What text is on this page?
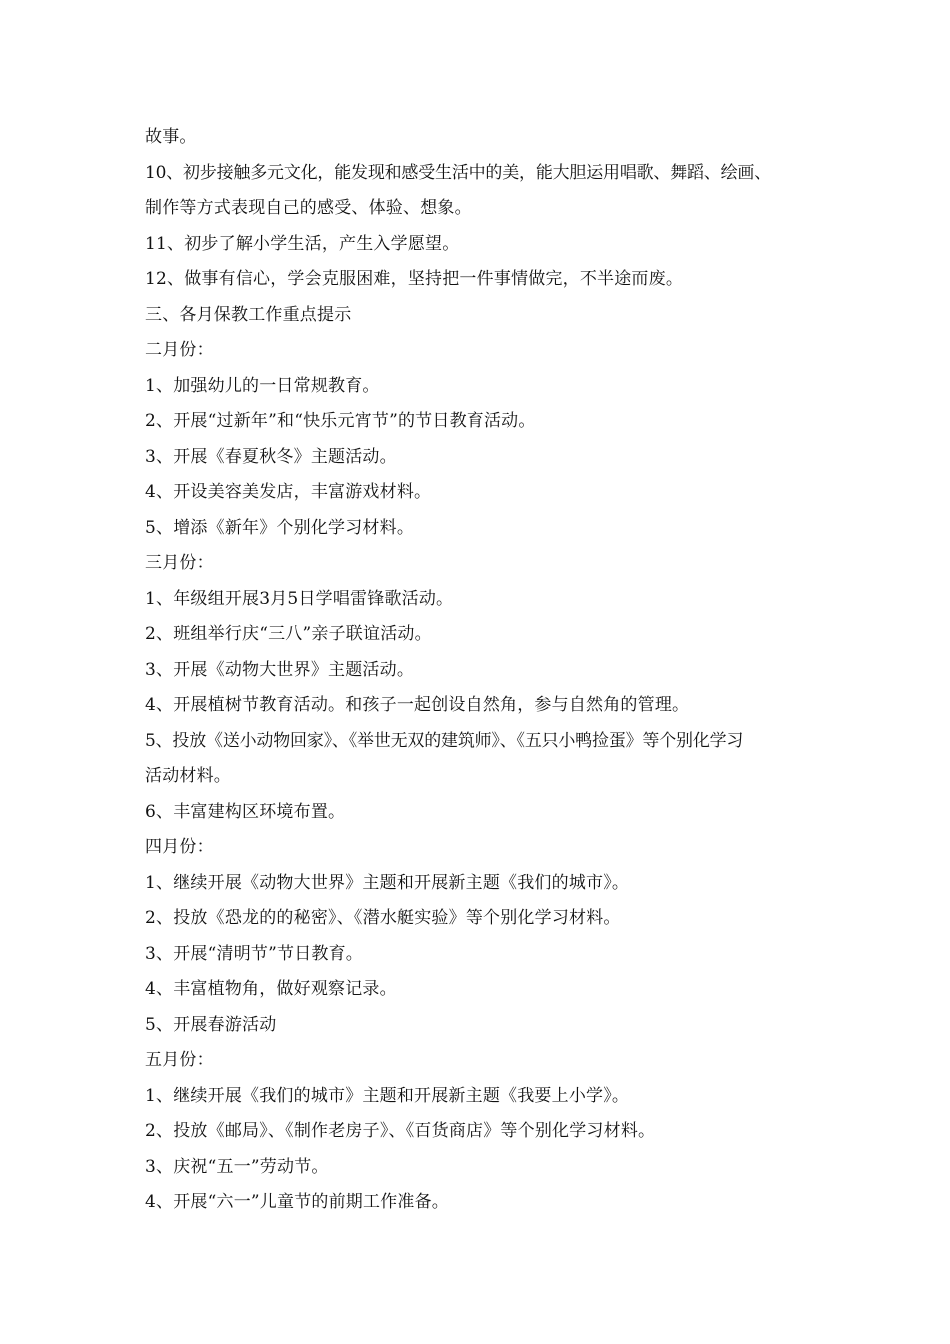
故事。
10、初步接触多元文化，能发现和感受生活中的美，能大胆运用唱歌、舞蹈、绘画、
制作等方式表现自己的感受、体验、想象。
11、初步了解小学生活，产生入学愿望。
12、做事有信心，学会克服困难，坚持把一件事情做完，不半途而废。
三、各月保教工作重点提示
二月份：
1、加强幼儿的一日常规教育。
2、开展“过新年”和“快乐元宵节”的节日教育活动。
3、开展《春夏秋冬》主题活动。
4、开设美容美发店，丰富游戏材料。
5、增添《新年》个别化学习材料。
三月份：
1、年级组开展3月5日学唱雷锋歌活动。
2、班组举行庆“三八”亲子联谊活动。
3、开展《动物大世界》主题活动。
4、开展植树节教育活动。和孩子一起创设自然角，参与自然角的管理。
5、投放《送小动物回家》、《举世无双的建筑师》、《五只小鸭捡蛋》等个别化学习
活动材料。
6、丰富建构区环境布置。
四月份：
1、继续开展《动物大世界》主题和开展新主题《我们的城市》。
2、投放《恐龙的的秘密》、《潜水艇实验》等个别化学习材料。
3、开展“清明节”节日教育。
4、丰富植物角，做好观察记录。
5、开展春游活动
五月份：
1、继续开展《我们的城市》主题和开展新主题《我要上小学》。
2、投放《邮局》、《制作老房子》、《百货商店》等个别化学习材料。
3、庆祝“五一”劳动节。
4、开展“六一”儿童节的前期工作准备。
